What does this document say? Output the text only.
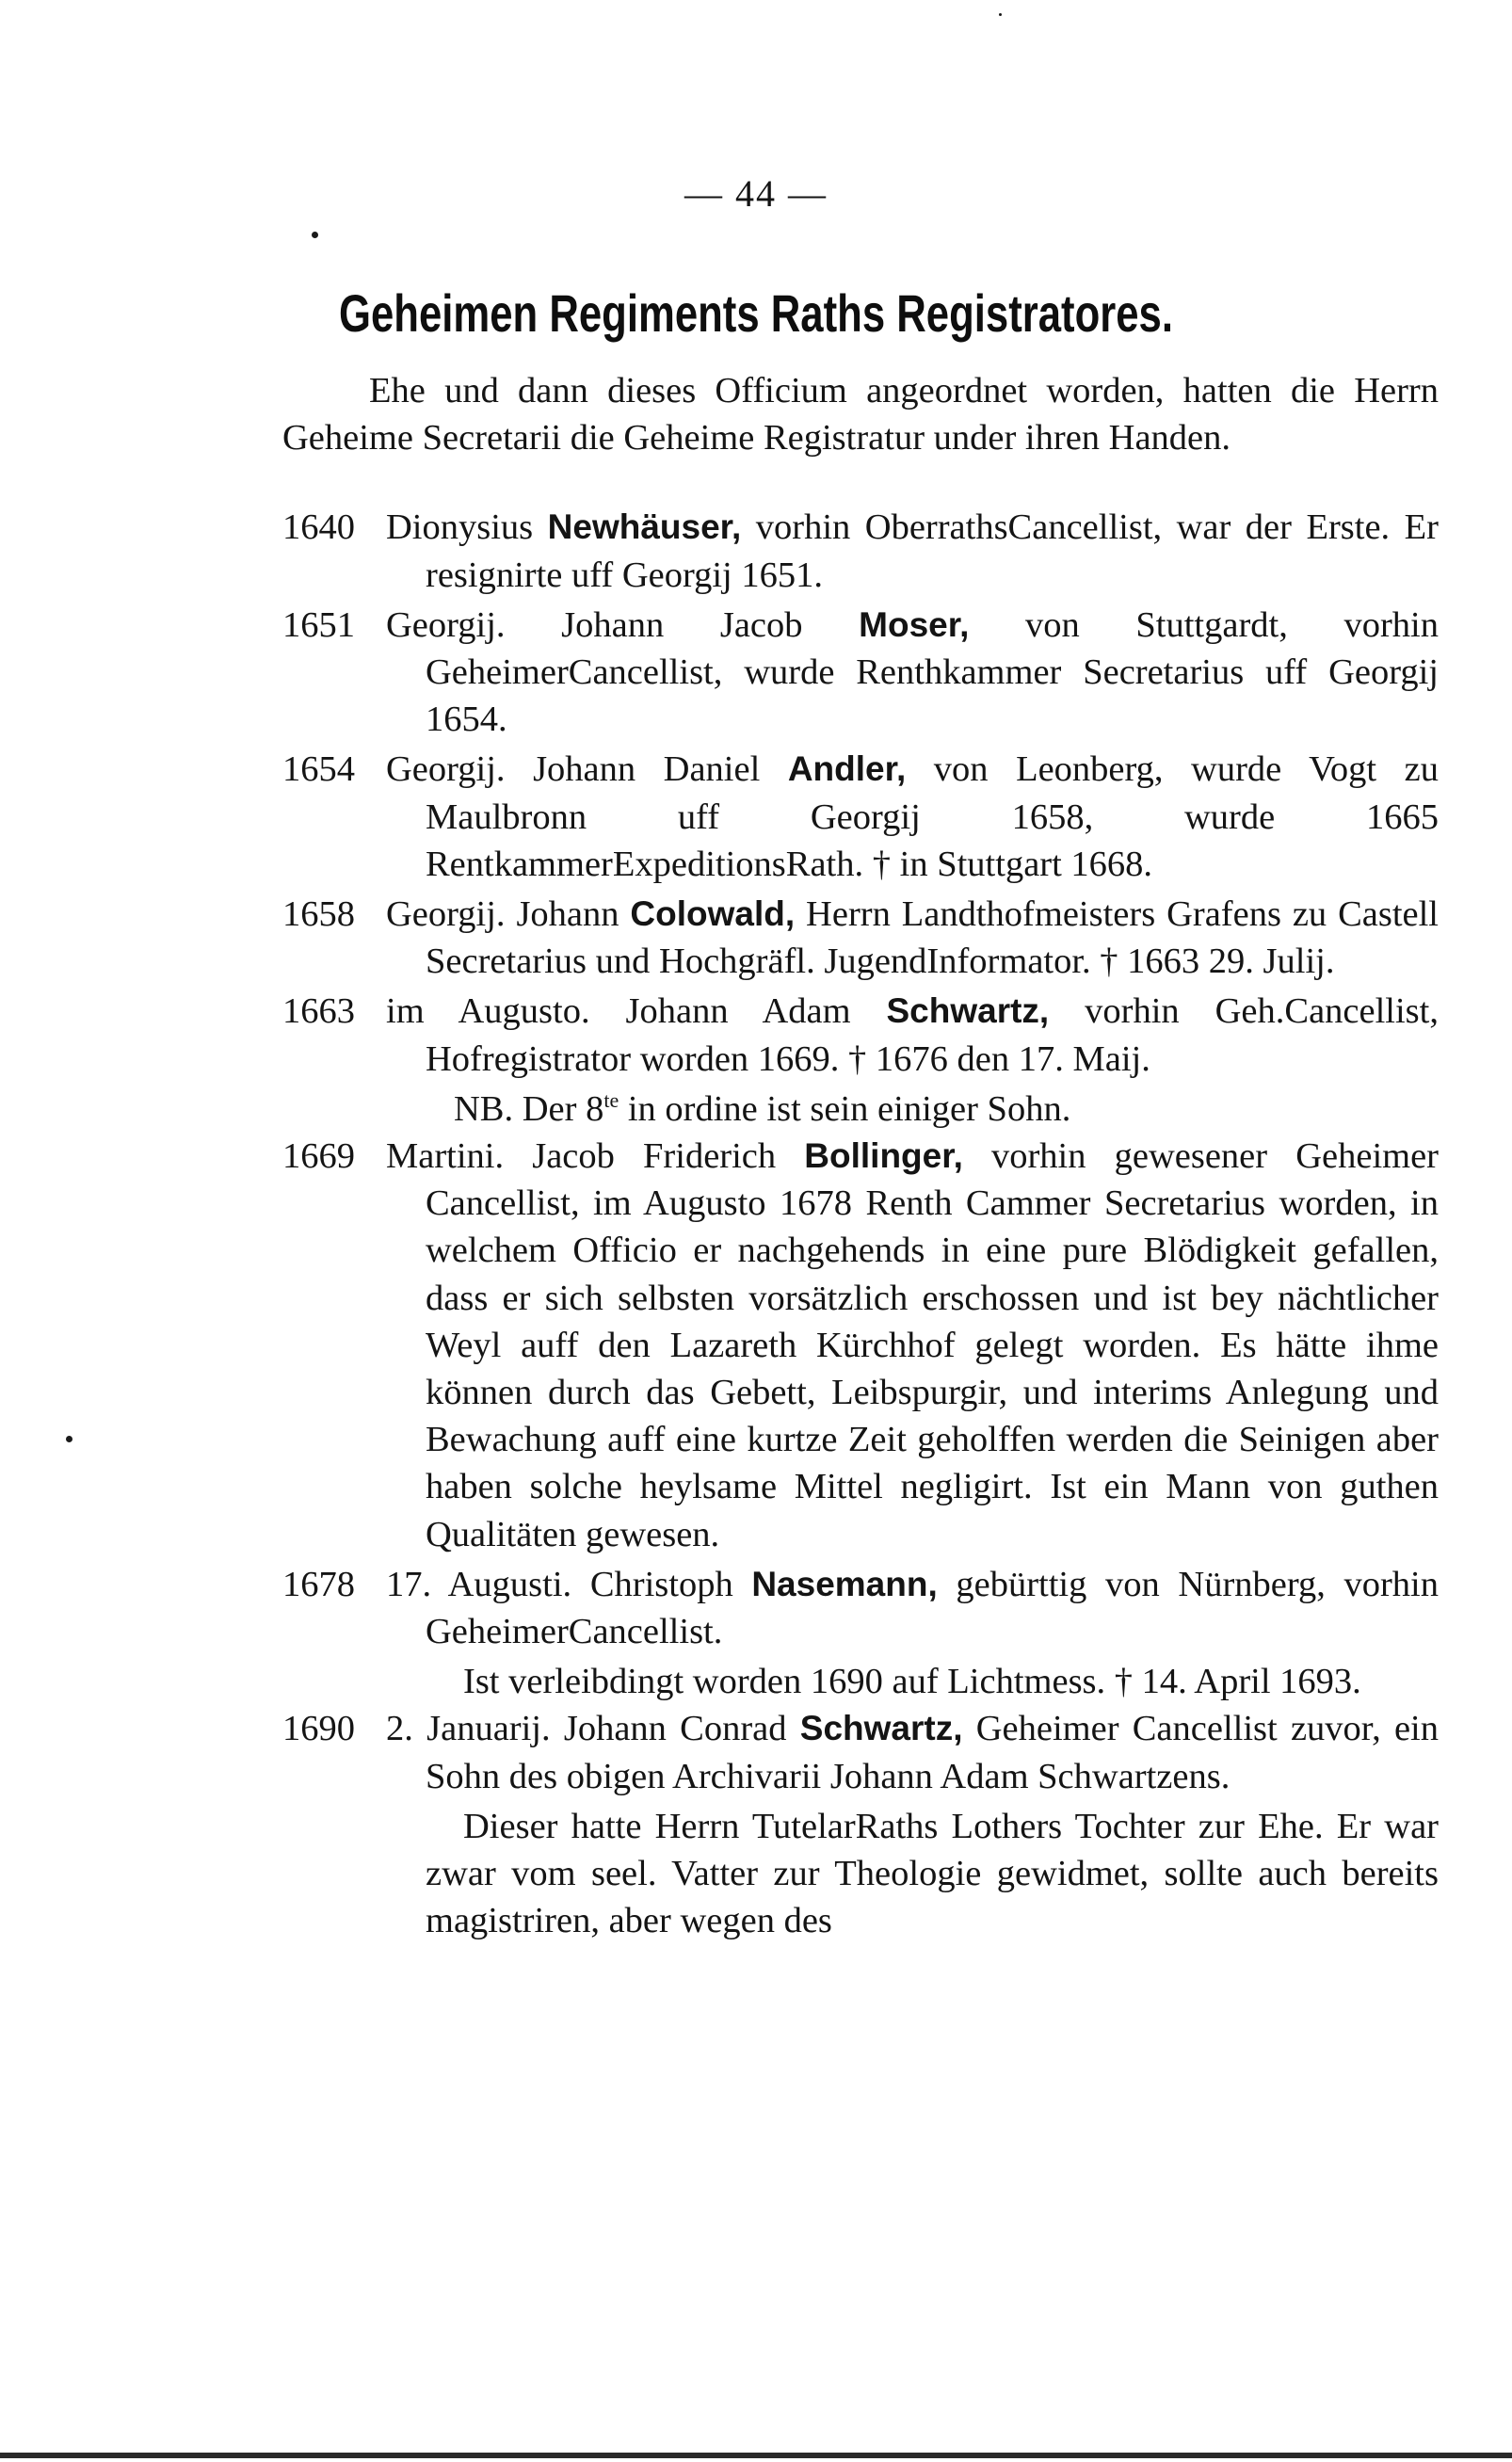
— 44 —
Geheimen Regiments Raths Registratores.

Ehe und dann dieses Officium angeordnet worden, hatten die Herrn Geheime Secretarii die Geheime Registratur under ihren Handen.

1640 Dionysius Newhäuser, vorhin OberrathsCancellist, war der Erste. Er resignirte uff Georgij 1651.

1651 Georgij. Johann Jacob Moser, von Stuttgardt, vorhin GeheimerCancellist, wurde Renthkammer Secretarius uff Georgij 1654.

1654 Georgij. Johann Daniel Andler, von Leonberg, wurde Vogt zu Maulbronn uff Georgij 1658, wurde 1665 RentkammerExpeditionsRath. † in Stuttgart 1668.

1658 Georgij. Johann Colowald, Herrn Landthofmeisters Grafens zu Castell Secretarius und Hochgräfl. JugendInformator. † 1663 29. Julij.

1663 im Augusto. Johann Adam Schwartz, vorhin Geh.Cancellist, Hofregistrator worden 1669. † 1676 den 17. Maij.

NB. Der $8^{te}$ in ordine ist sein einiger Sohn.

1669 Martini. Jacob Friderich Bollinger, vorhin gewesener Geheimer Cancellist, im Augusto 1678 Renth Cammer Secretarius worden, in welchem Officio er nachgehends in eine pure Blödigkeit gefallen, dass er sich selbsten vorsätzlich erschossen und ist bey nächtlicher Weyl auff den Lazareth Kürchhof gelegt worden. Es hätte ihme können durch das Gebett, Leibspurgir, und interims Anlegung und Bewachung auff eine kurtze Zeit geholffen werden die Seinigen aber haben solche heylsame Mittel negligirt. Ist ein Mann von guthen Qualitäten gewesen.

1678 17. Augusti. Christoph Nasemann, gebürttig von Nürnberg, vorhin GeheimerCancellist.

Ist verleibdingt worden 1690 auf Lichtmess. † 14. April 1693.

1690 2. Januarij. Johann Conrad Schwartz, Geheimer Cancellist zuvor, ein Sohn des obigen Archivarii Johann Adam Schwartzens.

Dieser hatte Herrn TutelarRaths Lothers Tochter zur Ehe. Er war zwar vom seel. Vatter zur Theologie gewidmet, sollte auch bereits magistriren, aber wegen des
